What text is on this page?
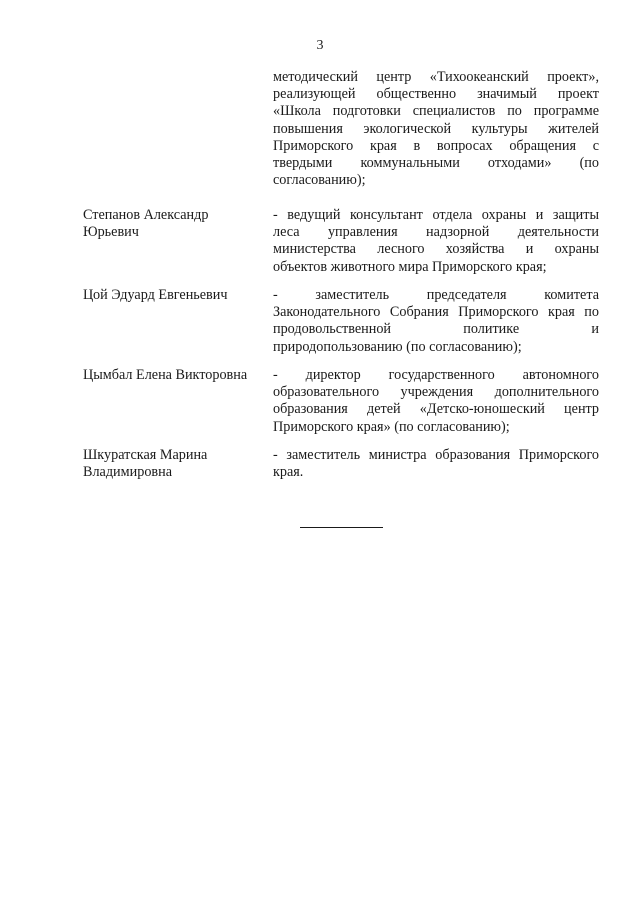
3
методический центр «Тихоокеанский проект»,
реализующей общественно значимый проект
«Школа подготовки специалистов по программе
повышения экологической культуры жителей
Приморского края в вопросах обращения с
твердыми коммунальными отходами» (по
согласованию);
Степанов Александр
Юрьевич
- ведущий консультант отдела охраны и защиты
леса управления надзорной деятельности
министерства лесного хозяйства и охраны
объектов животного мира Приморского края;
Цой Эдуард Евгеньевич	- заместитель председателя комитета
Законодательного Собрания Приморского края по
продовольственной политике и
природопользованию (по согласованию);
Цымбал Елена Викторовна	- директор государственного автономного
образовательного учреждения дополнительного
образования детей «Детско-юношеский центр
Приморского края» (по согласованию);
Шкуратская Марина
Владимировна
- заместитель министра образования Приморского
края.
